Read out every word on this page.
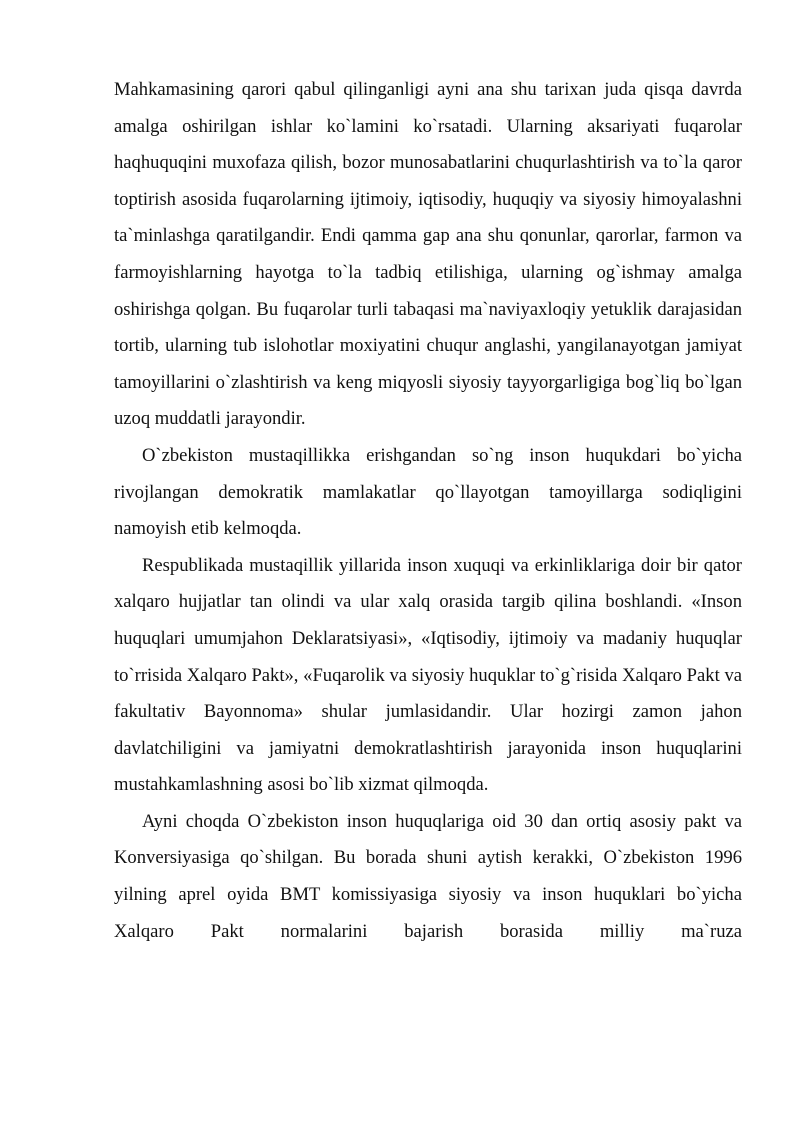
Mahkamasining qarori qabul qilinganligi ayni ana shu tarixan juda qisqa davrda amalga oshirilgan ishlar ko`lamini ko`rsatadi. Ularning aksariyati fuqarolar haqhuquqini muxofaza qilish, bozor munosabatlarini chuqurlashtirish va to`la qaror toptirish asosida fuqarolarning ijtimoiy, iqtisodiy, huquqiy va siyosiy himoyalashni ta`minlashga qaratilgandir. Endi qamma gap ana shu qonunlar, qarorlar, farmon va farmoyishlarning hayotga to`la tadbiq etilishiga, ularning og`ishmay amalga oshirishga qolgan. Bu fuqarolar turli tabaqasi ma`naviyaxloqiy yetuklik darajasidan tortib, ularning tub islohotlar moxiyatini chuqur anglashi, yangilanayotgan jamiyat tamoyillarini o`zlashtirish va keng miqyosli siyosiy tayyorgarligiga bog`liq bo`lgan uzoq muddatli jarayondir.

O`zbekiston mustaqillikka erishgandan so`ng inson huqukdari bo`yicha rivojlangan demokratik mamlakatlar qo`llayotgan tamoyillarga sodiqligini namoyish etib kelmoqda.

Respublikada mustaqillik yillarida inson xuquqi va erkinliklariga doir bir qator xalqaro hujjatlar tan olindi va ular xalq orasida targib qilina boshlandi. «Inson huquqlari umumjahon Deklaratsiyasi», «Iqtisodiy, ijtimoiy va madaniy huquqlar to`rrisida Xalqaro Pakt», «Fuqarolik va siyosiy huquklar to`g`risida Xalqaro Pakt va fakultativ Bayonnoma» shular jumlasidandir. Ular hozirgi zamon jahon davlatchiligini va jamiyatni demokratlashtirish jarayonida inson huquqlarini mustahkamlashning asosi bo`lib xizmat qilmoqda.

Ayni choqda O`zbekiston inson huquqlariga oid 30 dan ortiq asosiy pakt va Konversiyasiga qo`shilgan. Bu borada shuni aytish kerakki, O`zbekiston 1996 yilning aprel oyida BMT komissiyasiga siyosiy va inson huquklari bo`yicha Xalqaro Pakt normalarini bajarish borasida milliy ma`ruza
